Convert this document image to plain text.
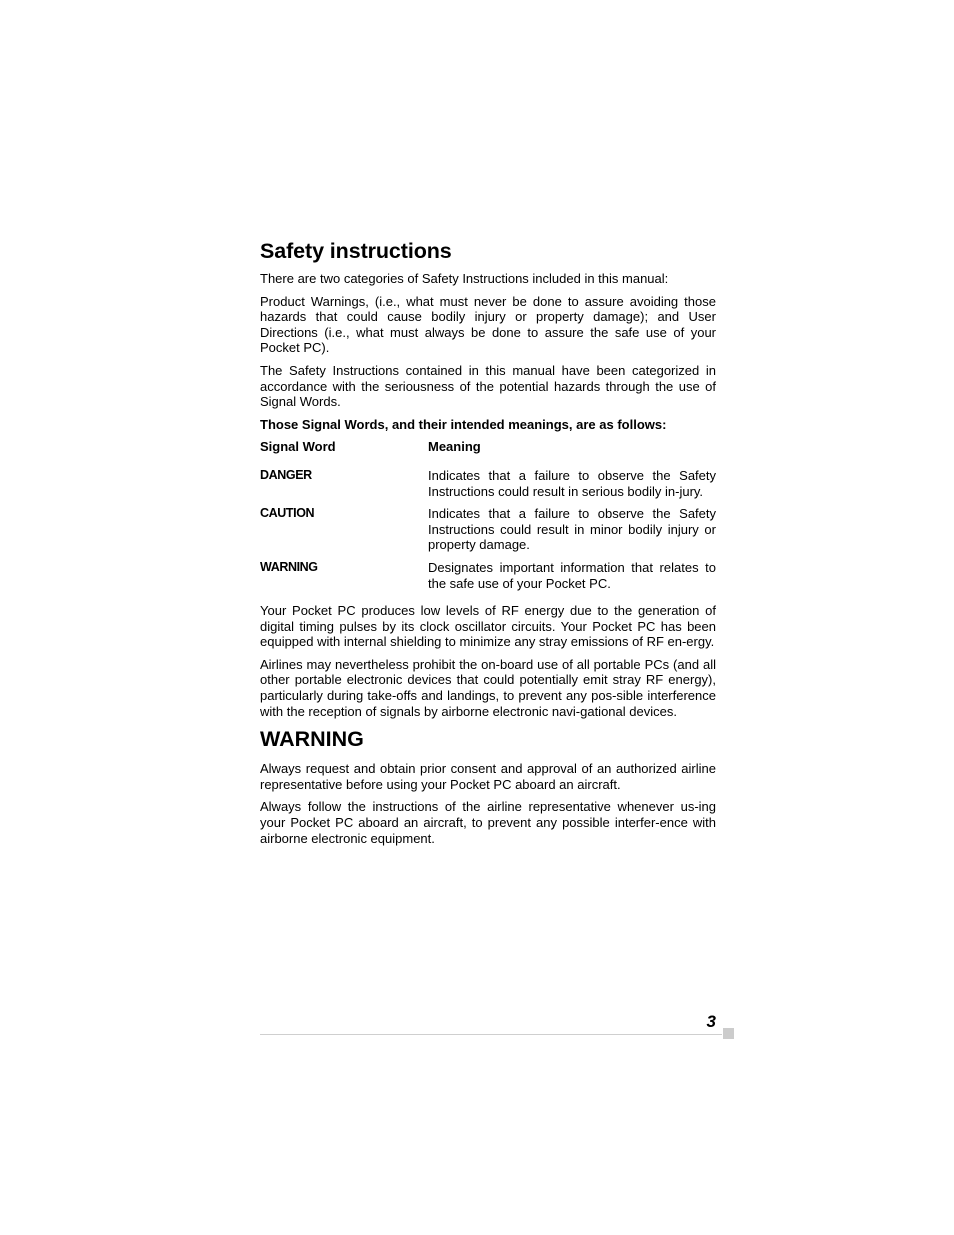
Safety instructions

There are two categories of Safety Instructions included in this manual:

Product Warnings, (i.e., what must never be done to assure avoiding those hazards that could cause bodily injury or property damage); and User Directions (i.e., what must always be done to assure the safe use of your Pocket PC).

The Safety Instructions contained in this manual have been categorized in accordance with the seriousness of the potential hazards through the use of Signal Words.

Those Signal Words, and their intended meanings, are as follows:

Signal Word	Meaning
DANGER	Indicates that a failure to observe the Safety Instructions could result in serious bodily in-jury.
CAUTION	Indicates that a failure to observe the Safety Instructions could result in minor bodily injury or property damage.
WARNING	Designates important information that relates to the safe use of your Pocket PC.

Your Pocket PC produces low levels of RF energy due to the generation of digital timing pulses by its clock oscillator circuits. Your Pocket PC has been equipped with internal shielding to minimize any stray emissions of RF en-ergy.

Airlines may nevertheless prohibit the on-board use of all portable PCs (and all other portable electronic devices that could potentially emit stray RF energy), particularly during take-offs and landings, to prevent any pos-sible interference with the reception of signals by airborne electronic navi-gational devices.

WARNING

Always request and obtain prior consent and approval of an authorized airline representative before using your Pocket PC aboard an aircraft.

Always follow the instructions of the airline representative whenever us-ing your Pocket PC aboard an aircraft, to prevent any possible interfer-ence with airborne electronic equipment.

3
